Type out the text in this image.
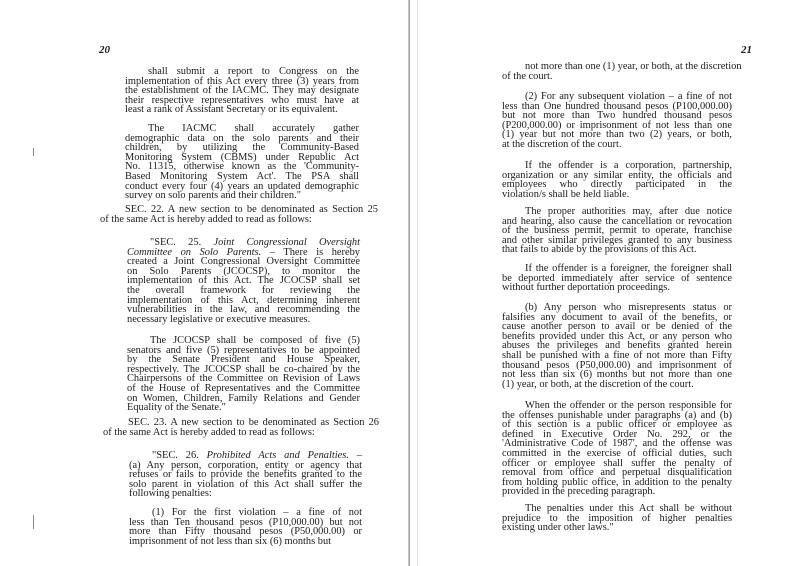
20
shall submit a report to Congress on the
implementation of this Act every three (3) years from
the establishment of the IACMC. They may designate
their respective representatives who must have at
least a rank of Assistant Secretary or its equivalent.
The IACMC shall accurately gather
demographic data on the solo parents and their
children, by utilizing the Community-Based
Monitoring System (CBMS) under Republic Act
No. 11315, otherwise known as the 'Community-
Based Monitoring System Act'. The PSA shall
conduct every four (4) years an updated demographic
survey on solo parents and their children."
SEC. 22. A new section to be denominated as Section 25
of the same Act is hereby added to read as follows:
"SEC. 25. Joint Congressional Oversight
Committee on Solo Parents. – There is hereby
created a Joint Congressional Oversight Committee
on Solo Parents (JCOCSP), to monitor the
implementation of this Act. The JCOCSP shall set
the overall framework for reviewing the
implementation of this Act, determining inherent
vulnerabilities in the law, and recommending the
necessary legislative or executive measures.
The JCOCSP shall be composed of five (5)
senators and five (5) representatives to be appointed
by the Senate President and House Speaker,
respectively. The JCOCSP shall be co-chaired by the
Chairpersons of the Committee on Revision of Laws
of the House of Representatives and the Committee
on Women, Children, Family Relations and Gender
Equality of the Senate."
SEC. 23. A new section to be denominated as Section 26
of the same Act is hereby added to read as follows:
"SEC. 26. Prohibited Acts and Penalties. –
(a) Any person, corporation, entity or agency that
refuses or fails to provide the benefits granted to the
solo parent in violation of this Act shall suffer the
following penalties:
(1) For the first violation – a fine of not
less than Ten thousand pesos (P10,000.00) but not
more than Fifty thousand pesos (P50,000.00) or
imprisonment of not less than six (6) months but
21
not more than one (1) year, or both, at the discretion
of the court.
(2) For any subsequent violation – a fine of not
less than One hundred thousand pesos (P100,000.00)
but not more than Two hundred thousand pesos
(P200,000.00) or imprisonment of not less than one
(1) year but not more than two (2) years, or both,
at the discretion of the court.
If the offender is a corporation, partnership,
organization or any similar entity, the officials and
employees who directly participated in the
violation/s shall be held liable.
The proper authorities may, after due notice
and hearing, also cause the cancellation or revocation
of the business permit, permit to operate, franchise
and other similar privileges granted to any business
that fails to abide by the provisions of this Act.
If the offender is a foreigner, the foreigner shall
be deported immediately after service of sentence
without further deportation proceedings.
(b) Any person who misrepresents status or
falsifies any document to avail of the benefits, or
cause another person to avail or be denied of the
benefits provided under this Act, or any person who
abuses the privileges and benefits granted herein
shall be punished with a fine of not more than Fifty
thousand pesos (P50,000.00) and imprisonment of
not less than six (6) months but not more than one
(1) year, or both, at the discretion of the court.
When the offender or the person responsible for
the offenses punishable under paragraphs (a) and (b)
of this section is a public officer or employee as
defined in Executive Order No. 292, or the
'Administrative Code of 1987', and the offense was
committed in the exercise of official duties, such
officer or employee shall suffer the penalty of
removal from office and perpetual disqualification
from holding public office, in addition to the penalty
provided in the preceding paragraph.
The penalties under this Act shall be without
prejudice to the imposition of higher penalties
existing under other laws."
